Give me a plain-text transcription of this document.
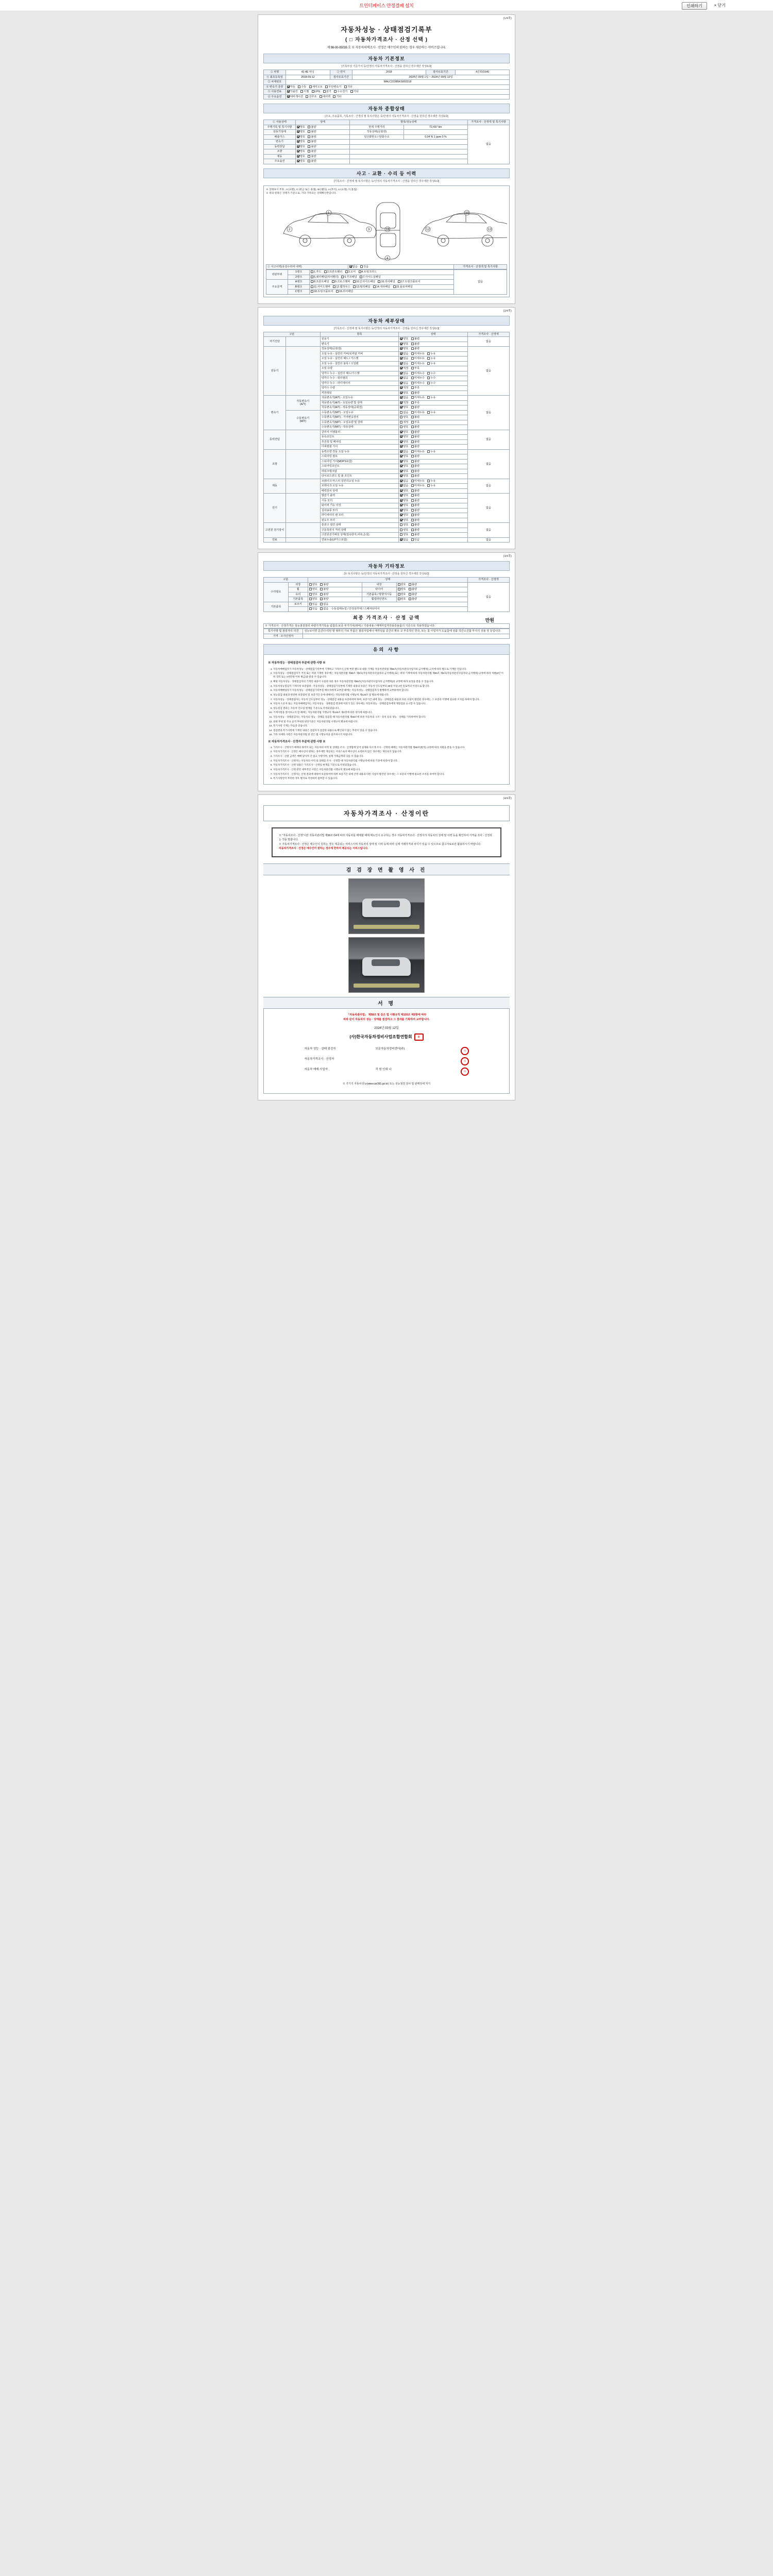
트인터페이스 안정결패 설치	인쇄하기	× 닫기
(1/4쪽)
자동차성능 · 상태점검기록부
( □ 자동차가격조사 · 산정 선택 )
제 98-00-05035 호 ※ 자동차의택조사 · 산정은 매수인의 원하는 경우 제공하는 서비스입니다.
자동차 기본정보
[기록부상 기준가치 등/산정의 자동차가격조사 · 산정을 원하신 경우에만 작성/LO]
① 차명	42 4E 덕닝	② 연식	2018	검사유효기간	4간희/1540
④ 최초등록일	2018-09-12	검사유효기간	2024년 09월 1일 ~ 2024년 09월 12일		
⑤ 차대번호	MALC223B5KS003318				
⑧ 변속기 종류	자동 수동 세미오토 무단변속기 기타				
⑨ 사용연료	가솔린 디젤 LPG 전기 수소전기 기타				
⑫ 주요옵션	내비게이션 선루프 에어백 기타				
자동차 종합상태
[주요, 주요품목, 기록조사 · 산정의 필 똑지사항은 등/산정의 자동차가격조사 · 산정을 원하신 경우에만 작성/LO]
① 사용상태	상태	항목/성능상태		가격조사 · 산정액 및 특기사항
주행기록 및 특기사항	양호 불량	현재 주행거리	72,437 km	없음
원동기상태	양호 불량	작동상태(공회전)		
배출가스	양호 불량	일산화탄소 / 탄화수소	0.04 % 1 ppm 0 %	
변속기	양호 불량			
동력전달	양호 불량			
조향	양호 불량			
제동	양호 불량			
주요옵션	양호 불량			
사고 · 교환 · 수리 등 이력
[기록조사 · 산정에 필 똑지사항은 등/산정의 자동차가격조사 · 산정을 원하신 경우에만 작성/LO]
※ 상태표시 부호 : X (교환), C (판금 또는 용접), W (웰딩), A (부식), U (요철), T (흠집)
※ 위의 항목은 상태가 기준으로, 기타 기록되는 상태확인란입니다.
1
2	3
4
16
10
12	13
① 사고이력(유상수리비 내역)	없음 있음	가격조사 · 산정액 및 특기사항
외판부위	1랭크	1.후드 2.프론트휀더 3.도어 4.트렁크리드	없음
	2랭크	5.쿼터패널(리어휀더) 6.루프패널 7.사이드실패널	
주요골격	A랭크	8.프론트패널 9.크로스멤버 10.인사이드패널 16.리어패널 17.트렁크플로어	
	B랭크	11.사이드멤버 12.휠하우스 13.필러패널 14.대쉬패널 15.플로어패널	
	C랭크	18.트렁크플로어 19.리어패널	
(2/4쪽)
자동차 세부상태
[기록조사 · 산정에 필 똑지사항은 등/산정의 자동차가격조사 · 산정을 원하신 경우에만 작성/LO]
구분		항목	상태	가격조사 · 산정액
자기진단		원동기	양호 불량	없음
		변속기	양호 불량	
원동기		작동상태(공회전)	양호 불량	없음
		오일 누유 - 실린더 커버/로커암 커버	없음 미세누유 누유	
		오일 누유 - 실린더 헤드 / 가스켓	없음 미세누유 누유	
		오일 누유 - 실린더 블록 / 오일팬	없음 미세누유 누유	
		오일 유량	적정 부족	
		냉각수 누수 - 실린더 헤드/가스켓	없음 미세누수 누수	
		냉각수 누수 - 워터펌프	없음 미세누수 누수	
		냉각수 누수 - 라디에이터	없음 미세누수 누수	
		냉각수 수량	적정 부족	
		커먼레일	양호 불량	
변속기	자동변속기
(A/T)	자동변속기(A/T) - 오일누유	없음 미세누유 누유	없음
		자동변속기(A/T) - 오일유량 및 상태	적정 부족	
		자동변속기(A/T) - 작동상태(공회전)	양호 불량	
	수동변속기
(M/T)	수동변속기(M/T) - 오일누유	없음 미세누유 누유	
		수동변속기(M/T) - 기어변속장치	양호 불량	
		수동변속기(M/T) - 오일유량 및 상태	적정 부족	
		수동변속기(M/T) - 작동상태	양호 불량	
동력전달		클러치 어셈블리	양호 불량	없음
		등속죠인트	양호 불량	
		추진축 및 베어링	양호 불량	
		디퍼렌셜 기어	양호 불량	
조향		동력조향 작동 오일 누유	없음 미세누유 누유	없음
		스티어링 펌프	양호 불량	
		스티어링 기어(MDPS포함)	양호 불량	
		스티어링조인트	양호 불량	
		파워크랭크암	양호 불량	
		타이로드엔드 및 볼 조인트	양호 불량	
제동		브레이크 마스터 실린더오일 누유	없음 미세누유 누유	없음
		브레이크 오일 누유	없음 미세누유 누유	
		배력장치 상태	양호 불량	
전기		발전기 출력	양호 불량	없음
		시동 모터	양호 불량	
		와이퍼 기능 이상	양호 불량	
		실내송풍 모터	양호 불량	
		라디에이터 팬 모터	양호 불량	
		윈도우 모터	양호 불량	
고전원 전기장치		충전구 절연 상태	양호 불량	없음
		구동축전지 격리 상태	양호 불량	
		고전원전기배선 상태(접속단자,피복,손상)	양호 불량	
연료		연료누출(LP가스포함)	없음 있음	없음
(3/4쪽)
자동차 기타정보
[유 똑지사항은 등/산정의 자동차가격조사 · 산정을 원하신 경우에만 작성/LO]
구분		상태			가격조사 · 산정액
수리필요	외장	양호 불량	내장	양호 불량	없음
	휠	양호 불량	타이어	양호 불량	
	유리	양호 불량	기본품목 / 방향지시등	양호 불량	
	기본품목	양호 불량	휠얼라인먼트	양호 불량	
기본품목	보조키	있음 없음			
		있음 없음 수동설매뉴얼 / 안전삼각대 / 스페어타이어			
최종 가격조사 · 산정 금액	만원
※ 가격조사 · 산정가격은 성능점검장의 차량가격기록을 냄칩다.보증 부가가치(대비) / 기술내용 / 매매사업자전용중용품의 기준으로 적용하였습니다.
특기사항 및 점검자의 의견	성능보이면 중간/수리된 발 형부의 가보 부품은 점검사업체나 매각임을 중간의 확유 교 부족적인 한국, 또는 첨 사업자가 도움참에 상품 작간소진합 부사의 상용 상 등입니다.
가격 · 조사산정자	
유의 사항
※ 자동차성능 · 상태점검자 부분에 관한 사항 ※
1. 자동차매매업자가 자동차성능 · 상태점검기록부에 기재하고 가격조사 산정 부분 별도의 내용 기재를 자동차관리법 제58조(자동차관리사업자의 금지행위) 고지에 따라 별도로 기재된 것입니다.
2. 자동차성능 · 상태점검자가 거짓 또는 허위 기재한 경우에는 자동차관리법 제80조 제6호(자동차관리사업자의 금지행위) 또는 허위 기재에 따라 자동차관리법 제80조 제6호(자동차관리사업자의 금지행위) 규정에 따라 처벌(2년 이하 징역 또는 2천만원 이하 벌금)을 받을 수 있습니다.
3. 해당 자동차성능 · 상태점검자의 기재된 내용이 사실과 다른 경우 자동차관리법 제58조(자동차관리사업자의 금지행위)의 규정에 따라 보상을 받을 수 있습니다.
4. 자동차성능점검자 기재사항 보증범위 : 자동차성능 · 상태점검기록부에 기재된 내용의 보증은 자동차 인도일부터 30일 이상 2천 킬로미터 이상으로 합니다.
5. 자동차매매업자가 자동차성능 · 상태점검기록부를 매수자에게 교부할 때에는 자동차성능 · 상태점검자가 발행하여 교부하여야 합니다.
6. 성능점검 내용과 관련한 보증범위 및 보증기간 등에 대해서는 자동차관리법 시행규칙 제120조 및 별표에 따릅니다.
7. 자동차성능 · 상태점검자는 자동차 인도일부터 성능 · 상태점검 내용을 보증하여야 하며, 보증기간 내에 성능 · 상태점검 내용과 다른 사실이 발견된 경우에는 그 보증의 이행에 필요한 조치를 하여야 합니다.
8. 자동차 소유자 또는 자동차매매업자는 자동차성능 · 상태점검 결과에 이의가 있는 경우에는 자동차성능 · 상태점검자에게 재점검을 요구할 수 있습니다.
9. 성능점검 결과는 자동차 인도일 현재를 기준으로 작성되었습니다.
10. 기재사항을 알아보고자 할 때에는 자동차관리법 시행규칙 제120조 제1항에 따른 양식에 따릅니다.
11. 자동차성능 · 상태점검자는 자동차의 성능 · 상태를 점검할 때 자동차관리법 제58조에 따른 자동차의 구조 · 장치 등의 성능 · 상태를 기록하여야 합니다.
12. 외판 부위 및 주요 골격 부위의 판단기준은 자동차관리법 시행규칙 별표에 따릅니다.
13. 특기사항 기재는 다음과 같습니다.
14. 점검결과 특기사항에 기재된 내용은 점검자가 점검한 내용으로 확인되지 않는 부분이 있을 수 있습니다.
15. 기타 자세한 사항은 자동차관리법 및 같은 법 시행규칙을 참조하시기 바랍니다.
※ 자동차가격조사 · 산정자 부분에 관한 사항 ※
1. 가격조사 · 산정자가 매매의 목적이 되는 자동차의 이력 및 상태를 조사 · 산정함에 있어 실제와 다르게 조사 · 산정한 때에는 자동차관리법 제80조(벌칙) 규정에 따라 처벌을 받을 수 있습니다.
2. 자동차가격조사 · 산정은 매수인이 원하는 경우에만 제공되는 서비스로서 매수인이 요청하지 않은 경우에는 제공되지 않습니다.
3. 가격조사 · 산정 금액은 매매 당사자 간 참고 사항이며, 실제 거래금액과 다를 수 있습니다.
4. 자동차가격조사 · 산정자는 자동차의 이력 및 상태를 조사 · 산정할 때 자동차관리법 시행규칙에 따른 기준에 따라야 합니다.
5. 자동차가격조사 · 산정 내용은 가격조사 · 산정일 현재를 기준으로 작성되었습니다.
6. 자동차가격조사 · 산정 관련 세부적인 사항은 자동차관리법 시행규칙 별표에 따릅니다.
7. 자동차가격조사 · 산정자는 산정 결과에 대하여 보증하여야 하며 보증기간 내에 산정 내용과 다른 사실이 발견된 경우에는 그 보증의 이행에 필요한 조치를 하여야 합니다.
8. 특기사항란이 부족한 경우 별지로 작성하여 첨부할 수 있습니다.
(4/4쪽)
자동차가격조사 · 산정이란
※ "자동차조사 · 산정"이란 자동차관리법 제58조의4에 따라 자동차를 매매할 때에 매도인이 요구하는 경우 자동차가격조사 · 산정자가 자동차의 상태 및 이력 등을 확인하여 가격을 조사 · 산정하는 것을 말합니다.
※ 자동차가격조사 · 산정은 매수인이 원하는 경우 제공되는 서비스이며 자동차의 상태 및 이력 등에 따라 실제 거래가격과 차이가 있을 수 있으므로 참고자료로만 활용하시기 바랍니다.
자동차가격조사 · 산정은 매수인이 원하는 경우에 한하여 제공되는 서비스입니다.
검 검 장 면 촬 영 사 진
서 명
「자동차관리법」 제58조 및 같은 법 시행규칙 제120조 제1항에 따라
위와 같이 자동차의 성능 · 상태를 점검하고 그 결과를 기록하여 교부합니다.
2024년 03월 12일
(사)한국자동차정비사업조합연합회	印
자동차 성능 · 상태 점검자	보문자동차정비센터(주)
印
자동차가격조사 · 산정자
印
자동차 매매 사업자	직 원 인대 나
印
※ 가기기 자동차성능(www.car365.go.kr) 또는 성능점검 검사 및 판매원에 처기
